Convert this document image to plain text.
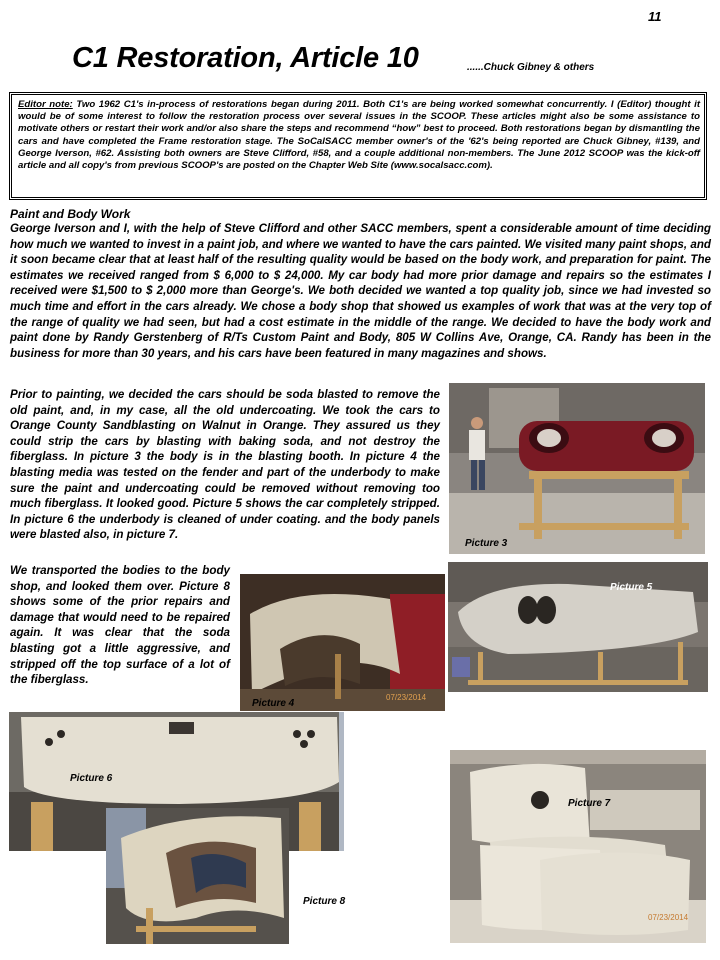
11
C1 Restoration, Article 10	......Chuck Gibney & others
Editor note: Two 1962 C1's in-process of restorations began during 2011. Both C1's are being worked somewhat concurrently. I (Editor) thought it would be of some interest to follow the restoration process over several issues in the SCOOP. These articles might also be some assistance to motivate others or restart their work and/or also share the steps and recommend “how” best to proceed. Both restorations began by dismantling the cars and have completed the Frame restoration stage. The SoCalSACC member owner's of the '62's being reported are Chuck Gibney, #139, and George Iverson, #62. Assisting both owners are Steve Clifford, #58, and a couple additional non-members. The June 2012 SCOOP was the kick-off article and all copy's from previous SCOOP's are posted on the Chapter Web Site (www.socalsacc.com).
Paint and Body Work
George Iverson and I, with the help of Steve Clifford and other SACC members, spent a considerable amount of time deciding how much we wanted to invest in a paint job, and where we wanted to have the cars painted. We visited many paint shops, and it soon became clear that at least half of the resulting quality would be based on the body work, and preparation for paint. The estimates we received ranged from $ 6,000 to $ 24,000. My car body had more prior damage and repairs so the estimates I received were $1,500 to $ 2,000 more than George's. We both decided we wanted a top quality job, since we had invested so much time and effort in the cars already. We chose a body shop that showed us examples of work that was at the very top of the range of quality we had seen, but had a cost estimate in the middle of the range. We decided to have the body work and paint done by Randy Gerstenberg of R/Ts Custom Paint and Body, 805 W Collins Ave, Orange, CA. Randy has been in the business for more than 30 years, and his cars have been featured in many magazines and shows.
Prior to painting, we decided the cars should be soda blasted to remove the old paint, and, in my case, all the old undercoating. We took the cars to Orange County Sandblasting on Walnut in Orange. They assured us they could strip the cars by blasting with baking soda, and not destroy the fiberglass. In picture 3 the body is in the blasting booth. In picture 4 the blasting media was tested on the fender and part of the underbody to make sure the paint and undercoating could be removed without removing too much fiberglass. It looked good. Picture 5 shows the car completely stripped. In picture 6 the underbody is cleaned of under coating. and the body panels were blasted also, in picture 7.
We transported the bodies to the body shop, and looked them over. Picture 8 shows some of the prior repairs and damage that would need to be repaired again. It was clear that the soda blasting got a little aggressive, and stripped off the top surface of a lot of the fiberglass.
Picture 3
Picture 4
07/23/2014
Picture 5
Picture 6
Picture 8
Picture 7
07/23/2014
